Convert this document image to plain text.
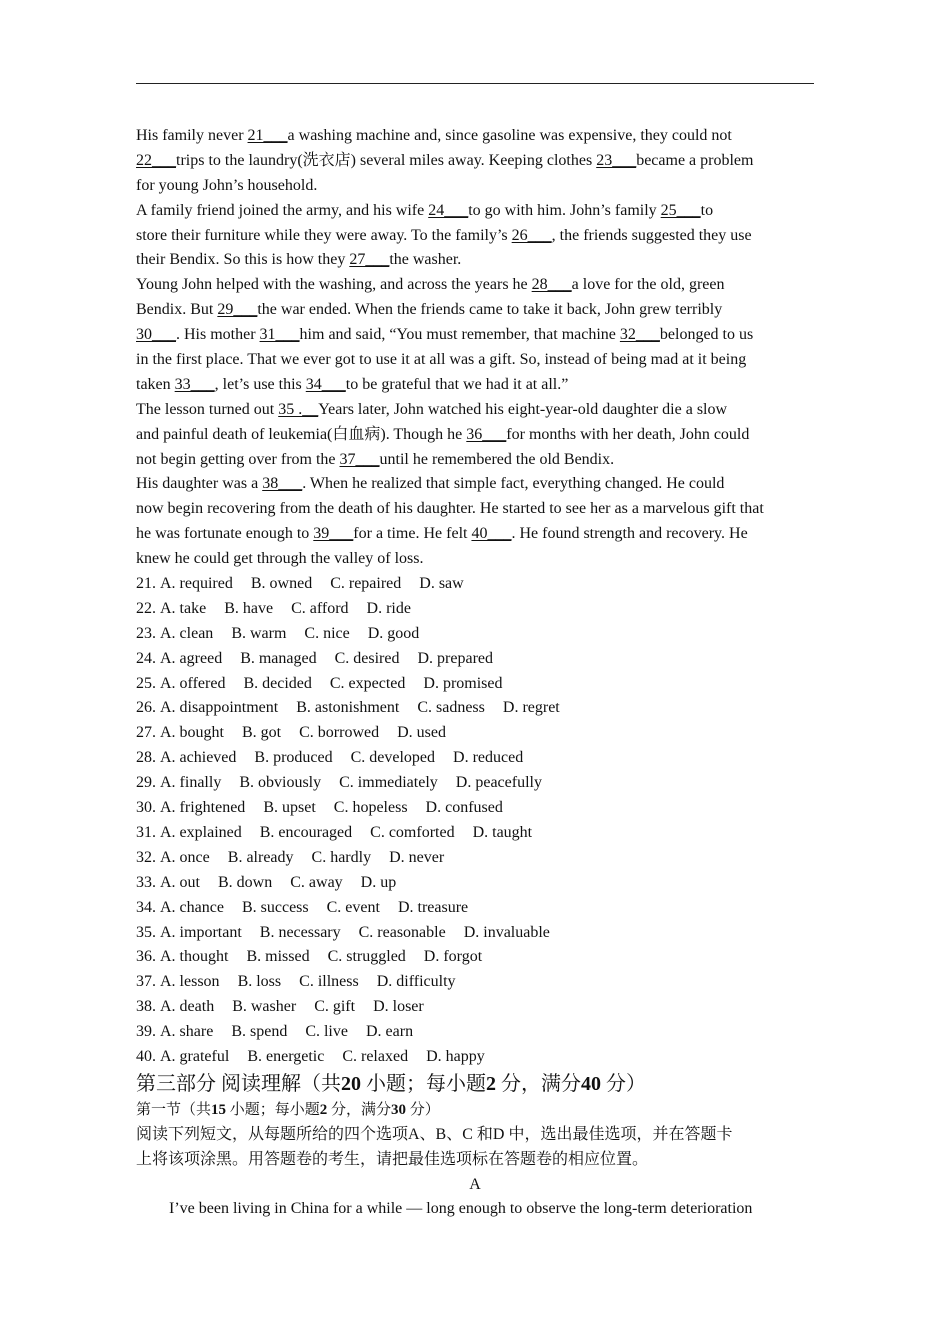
His family never 21___a washing machine and, since gasoline was expensive, they could not
22___trips to the laundry(洗衣店) several miles away. Keeping clothes 23___became a problem
for young John’s household.
A family friend joined the army, and his wife 24___to go with him. John’s family 25___to
store their furniture while they were away. To the family’s 26___, the friends suggested they use
their Bendix. So this is how they 27___the washer.
Young John helped with the washing, and across the years he 28___a love for the old, green
Bendix. But 29___the war ended. When the friends came to take it back, John grew terribly
30___. His mother 31___him and said, “You must remember, that machine 32___belonged to us
in the first place. That we ever got to use it at all was a gift. So, instead of being mad at it being
taken 33___, let’s use this 34___to be grateful that we had it at all.”
The lesson turned out 35 .__Years later, John watched his eight-year-old daughter die a slow
and painful death of leukemia(白血病). Though he 36___for months with her death, John could
not begin getting over from the 37___until he remembered the old Bendix.
His daughter was a 38___. When he realized that simple fact, everything changed. He could
now begin recovering from the death of his daughter. He started to see her as a marvelous gift that
he was fortunate enough to 39___for a time. He felt 40___. He found strength and recovery. He
knew he could get through the valley of loss.
21. A. required B. owned C. repaired D. saw
22. A. take B. have C. afford D. ride
23. A. clean B. warm C. nice D. good
24. A. agreed B. managed C. desired D. prepared
25. A. offered B. decided C. expected D. promised
26. A. disappointment B. astonishment C. sadness D. regret
27. A. bought B. got C. borrowed D. used
28. A. achieved B. produced C. developed D. reduced
29. A. finally B. obviously C. immediately D. peacefully
30. A. frightened B. upset C. hopeless D. confused
31. A. explained B. encouraged C. comforted D. taught
32. A. once B. already C. hardly D. never
33. A. out B. down C. away D. up
34. A. chance B. success C. event D. treasure
35. A. important B. necessary C. reasonable D. invaluable
36. A. thought B. missed C. struggled D. forgot
37. A. lesson B. loss C. illness D. difficulty
38. A. death B. washer C. gift D. loser
39. A. share B. spend C. live D. earn
40. A. grateful B. energetic C. relaxed D. happy
第三部分 阅读理解（共20 小题；每小题2 分，满分40 分）
第一节（共15 小题；每小题2 分，满分30 分）
阅读下列短文，从每题所给的四个选项A、B、C 和D 中，选出最佳选项，并在答题卡
上将该项涂黑。用答题卷的考生，请把最佳选项标在答题卷的相应位置。
A
I’ve been living in China for a while — long enough to observe the long-term deterioration
